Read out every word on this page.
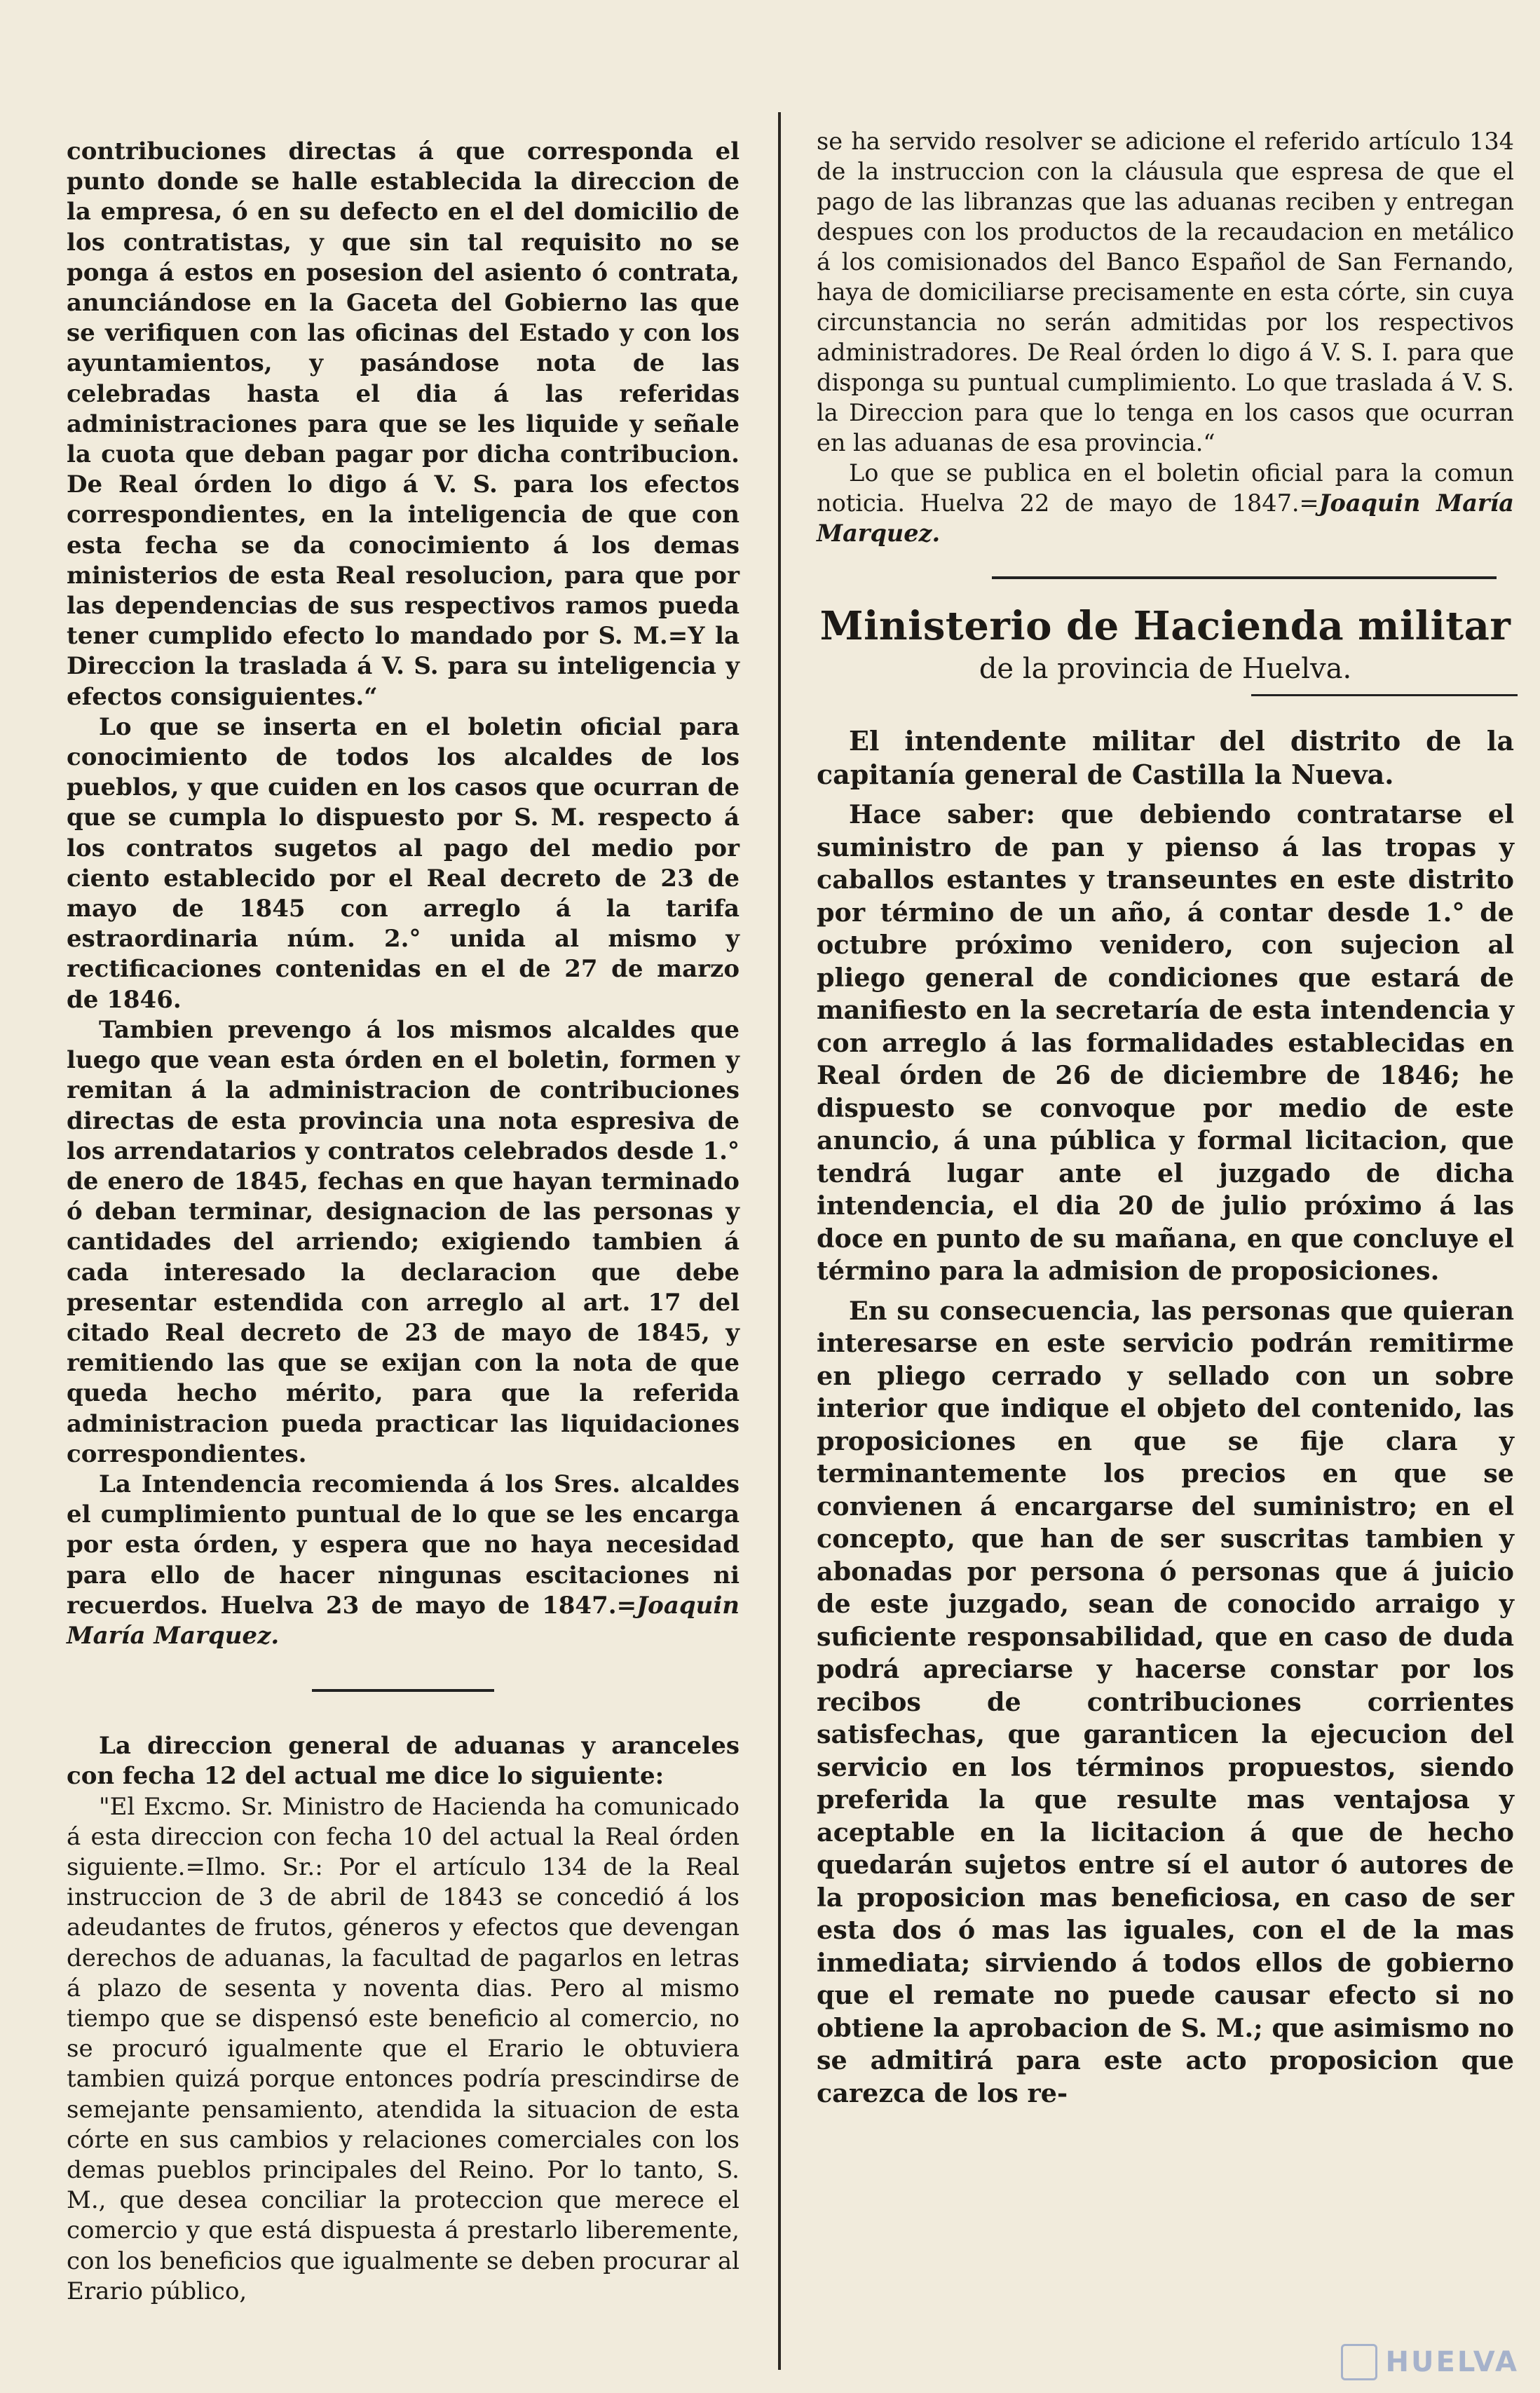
contribuciones directas á que corresponda el punto donde se halle establecida la direccion de la empresa, ó en su defecto en el del domicilio de los contratistas, y que sin tal requisito no se ponga á estos en posesion del asiento ó contrata, anunciándose en la Gaceta del Gobierno las que se verifiquen con las oficinas del Estado y con los ayuntamientos, y pasándose nota de las celebradas hasta el dia á las referidas administraciones para que se les liquide y señale la cuota que deban pagar por dicha contribucion. De Real órden lo digo á V. S. para los efectos correspondientes, en la inteligencia de que con esta fecha se da conocimiento á los demas ministerios de esta Real resolucion, para que por las dependencias de sus respectivos ramos pueda tener cumplido efecto lo mandado por S. M.=Y la Direccion la traslada á V. S. para su inteligencia y efectos consiguientes.“

Lo que se inserta en el boletin oficial para conocimiento de todos los alcaldes de los pueblos, y que cuiden en los casos que ocurran de que se cumpla lo dispuesto por S. M. respecto á los contratos sugetos al pago del medio por ciento establecido por el Real decreto de 23 de mayo de 1845 con arreglo á la tarifa estraordinaria núm. 2.° unida al mismo y rectificaciones contenidas en el de 27 de marzo de 1846.

Tambien prevengo á los mismos alcaldes que luego que vean esta órden en el boletin, formen y remitan á la administracion de contribuciones directas de esta provincia una nota espresiva de los arrendatarios y contratos celebrados desde 1.° de enero de 1845, fechas en que hayan terminado ó deban terminar, designacion de las personas y cantidades del arriendo; exigiendo tambien á cada interesado la declaracion que debe presentar estendida con arreglo al art. 17 del citado Real decreto de 23 de mayo de 1845, y remitiendo las que se exijan con la nota de que queda hecho mérito, para que la referida administracion pueda practicar las liquidaciones correspondientes.

La Intendencia recomienda á los Sres. alcaldes el cumplimiento puntual de lo que se les encarga por esta órden, y espera que no haya necesidad para ello de hacer ningunas escitaciones ni recuerdos. Huelva 23 de mayo de 1847.=Joaquin María Marquez.

La direccion general de aduanas y aranceles con fecha 12 del actual me dice lo siguiente:

"El Excmo. Sr. Ministro de Hacienda ha comunicado á esta direccion con fecha 10 del actual la Real órden siguiente.=Ilmo. Sr.: Por el artículo 134 de la Real instruccion de 3 de abril de 1843 se concedió á los adeudantes de frutos, géneros y efectos que devengan derechos de aduanas, la facultad de pagarlos en letras á plazo de sesenta y noventa dias. Pero al mismo tiempo que se dispensó este beneficio al comercio, no se procuró igualmente que el Erario le obtuviera tambien quizá porque entonces podría prescindirse de semejante pensamiento, atendida la situacion de esta córte en sus cambios y relaciones comerciales con los demas pueblos principales del Reino. Por lo tanto, S. M., que desea conciliar la proteccion que merece el comercio y que está dispuesta á prestarlo liberemente, con los beneficios que igualmente se deben procurar al Erario público,

se ha servido resolver se adicione el referido artículo 134 de la instruccion con la cláusula que espresa de que el pago de las libranzas que las aduanas reciben y entregan despues con los productos de la recaudacion en metálico á los comisionados del Banco Español de San Fernando, haya de domiciliarse precisamente en esta córte, sin cuya circunstancia no serán admitidas por los respectivos administradores. De Real órden lo digo á V. S. I. para que disponga su puntual cumplimiento. Lo que traslada á V. S. la Direccion para que lo tenga en los casos que ocurran en las aduanas de esa provincia.“

Lo que se publica en el boletin oficial para la comun noticia. Huelva 22 de mayo de 1847.=Joaquin María Marquez.

Ministerio de Hacienda militar
de la provincia de Huelva.

El intendente militar del distrito de la capitanía general de Castilla la Nueva.

Hace saber: que debiendo contratarse el suministro de pan y pienso á las tropas y caballos estantes y transeuntes en este distrito por término de un año, á contar desde 1.° de octubre próximo venidero, con sujecion al pliego general de condiciones que estará de manifiesto en la secretaría de esta intendencia y con arreglo á las formalidades establecidas en Real órden de 26 de diciembre de 1846; he dispuesto se convoque por medio de este anuncio, á una pública y formal licitacion, que tendrá lugar ante el juzgado de dicha intendencia, el dia 20 de julio próximo á las doce en punto de su mañana, en que concluye el término para la admision de proposiciones.

En su consecuencia, las personas que quieran interesarse en este servicio podrán remitirme en pliego cerrado y sellado con un sobre interior que indique el objeto del contenido, las proposiciones en que se fije clara y terminantemente los precios en que se convienen á encargarse del suministro; en el concepto, que han de ser suscritas tambien y abonadas por persona ó personas que á juicio de este juzgado, sean de conocido arraigo y suficiente responsabilidad, que en caso de duda podrá apreciarse y hacerse constar por los recibos de contribuciones corrientes satisfechas, que garanticen la ejecucion del servicio en los términos propuestos, siendo preferida la que resulte mas ventajosa y aceptable en la licitacion á que de hecho quedarán sujetos entre sí el autor ó autores de la proposicion mas beneficiosa, en caso de ser esta dos ó mas las iguales, con el de la mas inmediata; sirviendo á todos ellos de gobierno que el remate no puede causar efecto si no obtiene la aprobacion de S. M.; que asimismo no se admitirá para este acto proposicion que carezca de los re-

HUELVA
